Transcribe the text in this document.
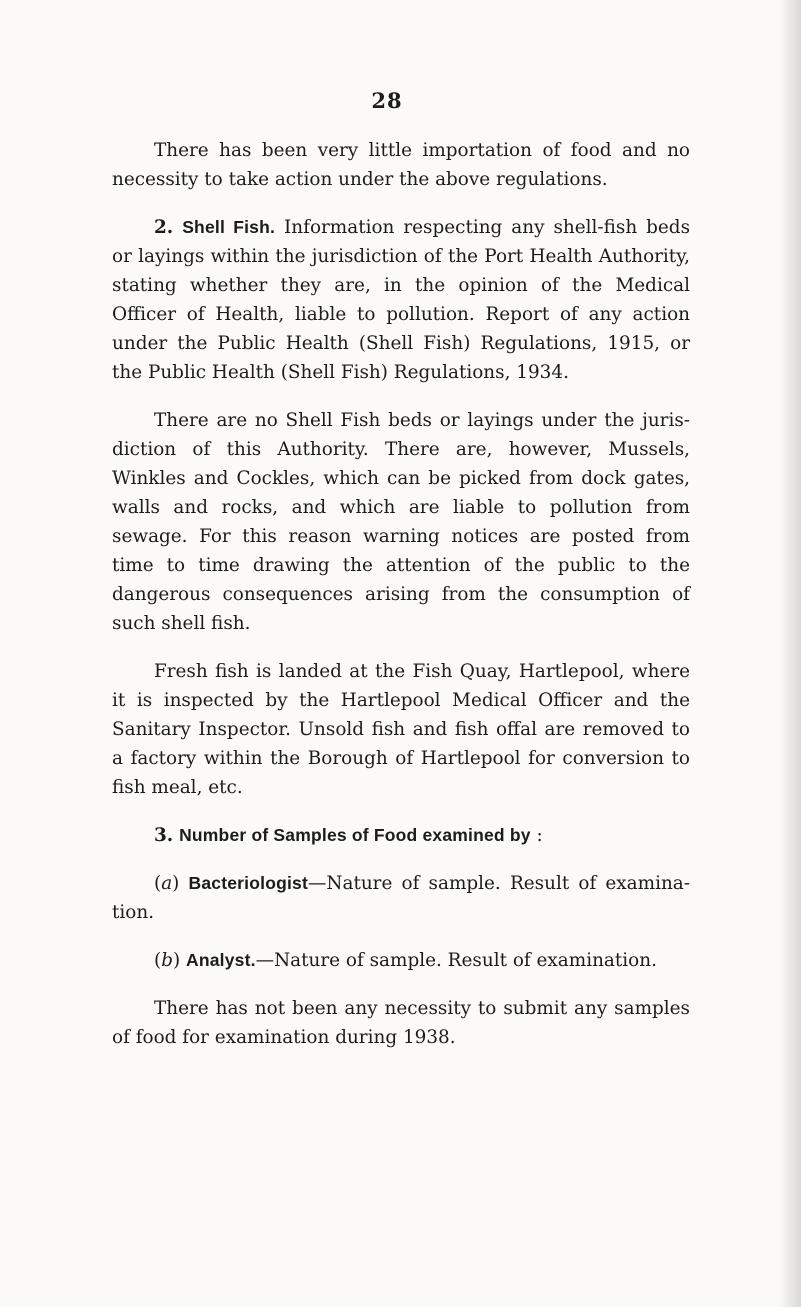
28

There has been very little importation of food and no necessity to take action under the above regulations.

2. Shell Fish. Information respecting any shell-fish beds or layings within the jurisdiction of the Port Health Authority, stating whether they are, in the opinion of the Medical Officer of Health, liable to pollution. Report of any action under the Public Health (Shell Fish) Regulations, 1915, or the Public Health (Shell Fish) Regulations, 1934.

There are no Shell Fish beds or layings under the juris- diction of this Authority. There are, however, Mussels, Winkles and Cockles, which can be picked from dock gates, walls and rocks, and which are liable to pollution from sewage. For this reason warning notices are posted from time to time drawing the attention of the public to the dangerous consequences arising from the consumption of such shell fish.

Fresh fish is landed at the Fish Quay, Hartlepool, where it is inspected by the Hartlepool Medical Officer and the Sanitary Inspector. Unsold fish and fish offal are removed to a factory within the Borough of Hartlepool for conversion to fish meal, etc.

3. Number of Samples of Food examined by :

(a) Bacteriologist—Nature of sample. Result of examina- tion.

(b) Analyst.—Nature of sample. Result of examination.

There has not been any necessity to submit any samples of food for examination during 1938.
